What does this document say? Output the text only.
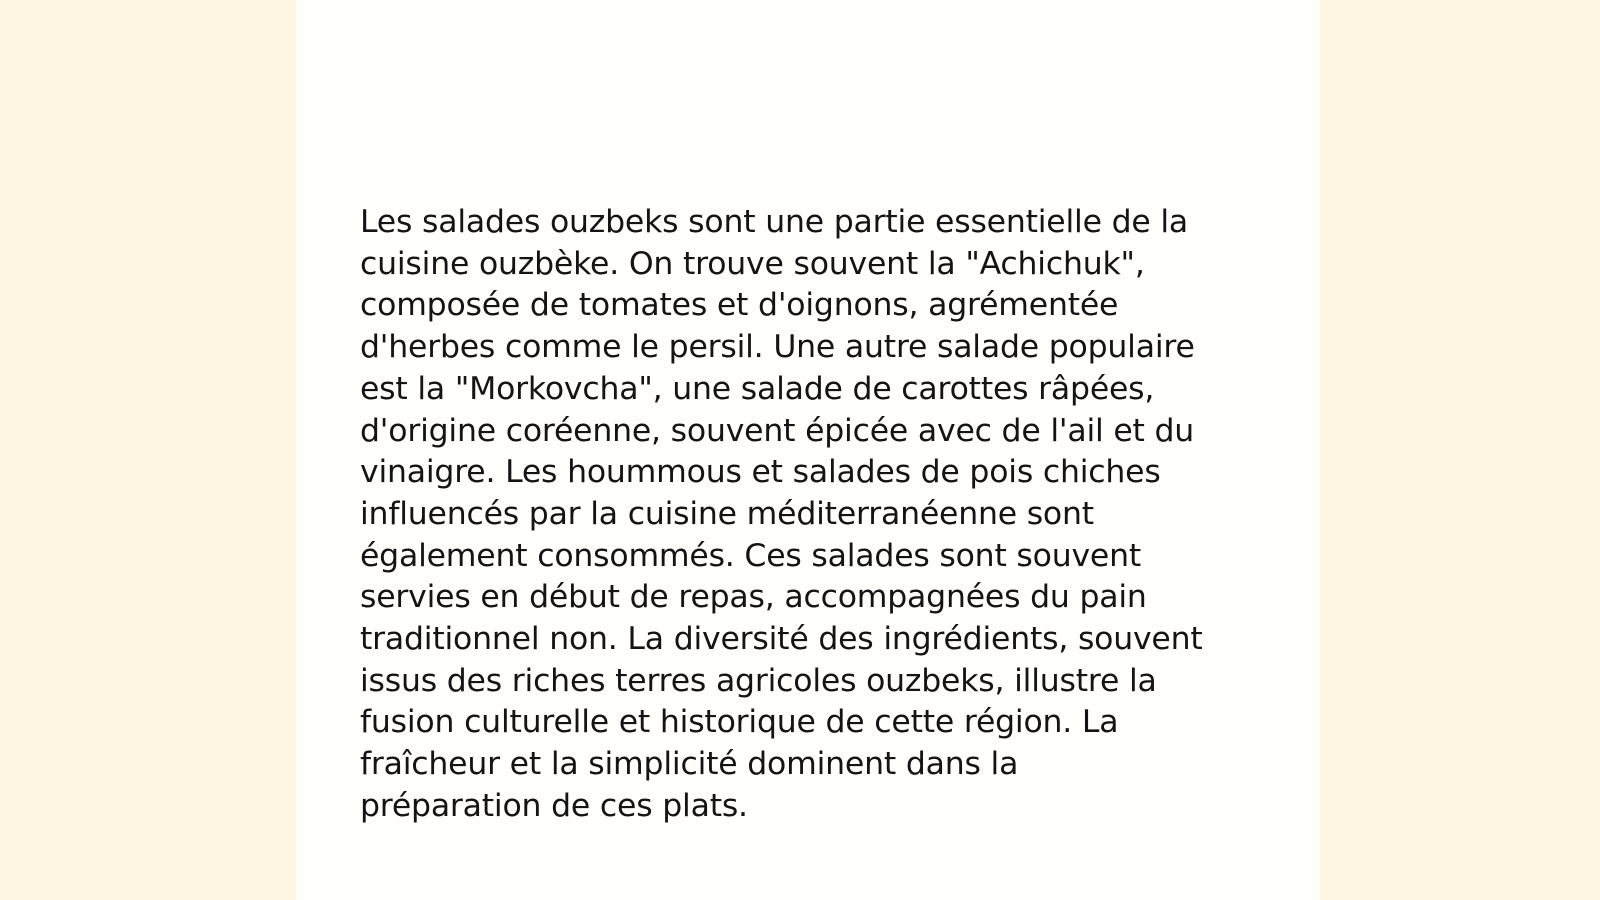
Les salades ouzbeks sont une partie essentielle de la
cuisine ouzbèke. On trouve souvent la "Achichuk",
composée de tomates et d'oignons, agrémentée
d'herbes comme le persil. Une autre salade populaire
est la "Morkovcha", une salade de carottes râpées,
d'origine coréenne, souvent épicée avec de l'ail et du
vinaigre. Les hoummous et salades de pois chiches
influencés par la cuisine méditerranéenne sont
également consommés. Ces salades sont souvent
servies en début de repas, accompagnées du pain
traditionnel non. La diversité des ingrédients, souvent
issus des riches terres agricoles ouzbeks, illustre la
fusion culturelle et historique de cette région. La
fraîcheur et la simplicité dominent dans la
préparation de ces plats.
